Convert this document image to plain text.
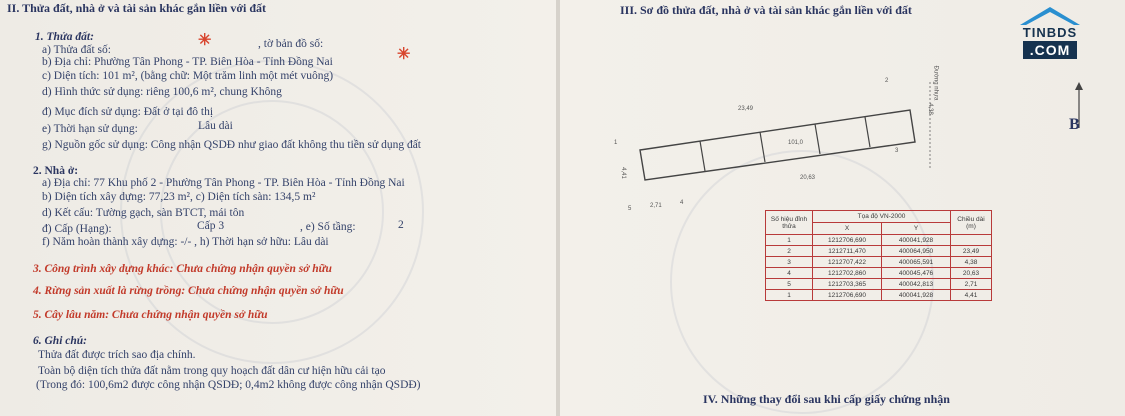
II. Thửa đất, nhà ở và tài sản khác gắn liền với đất
1. Thửa đất:
a) Thửa đất số:
✳	, tờ bản đồ số:
✳
b) Địa chỉ: Phường Tân Phong - TP. Biên Hòa - Tỉnh Đồng Nai
c) Diện tích: 101 m², (bằng chữ: Một trăm linh một mét vuông)
d) Hình thức sử dụng: riêng 100,6 m², chung Không
đ) Mục đích sử dụng: Đất ở tại đô thị
e) Thời hạn sử dụng:	Lâu dài
g) Nguồn gốc sử dụng: Công nhận QSDĐ như giao đất không thu tiền sử dụng đất
2. Nhà ở:
a) Địa chỉ: 77 Khu phố 2 - Phường Tân Phong - TP. Biên Hòa - Tỉnh Đồng Nai
b) Diện tích xây dựng: 77,23 m², c) Diện tích sàn: 134,5 m²
d) Kết cấu: Tường gạch, sàn BTCT, mái tôn
đ) Cấp (Hạng):	Cấp 3	, e) Số tầng:	2
f) Năm hoàn thành xây dựng: -/- , h) Thời hạn sở hữu: Lâu dài
3. Công trình xây dựng khác: Chưa chứng nhận quyền sở hữu
4. Rừng sản xuất là rừng trồng: Chưa chứng nhận quyền sở hữu
5. Cây lâu năm: Chưa chứng nhận quyền sở hữu
6. Ghi chú:
Thửa đất được trích sao địa chính.
Toàn bộ diện tích thửa đất nằm trong quy hoạch đất dân cư hiện hữu cải tạo
(Trong đó: 100,6m2 được công nhận QSDĐ; 0,4m2 không được công nhận QSDĐ)
III. Sơ đồ thửa đất, nhà ở và tài sản khác gắn liền với đất
TINBDS
.COM
23,49
101,0
20,63
4,38
4,41
2,71
Đường nhựa
1
2
3
4
5
B
Số hiệu đỉnh thửa	Tọa độ VN-2000		Chiều dài (m)
	X	Y	
1	1212706,690	400041,928	
2	1212711,470	400064,950	23,49
3	1212707,422	400065,591	4,38
4	1212702,860	400045,476	20,63
5	1212703,365	400042,813	2,71
1	1212706,690	400041,928	4,41
IV. Những thay đổi sau khi cấp giấy chứng nhận
